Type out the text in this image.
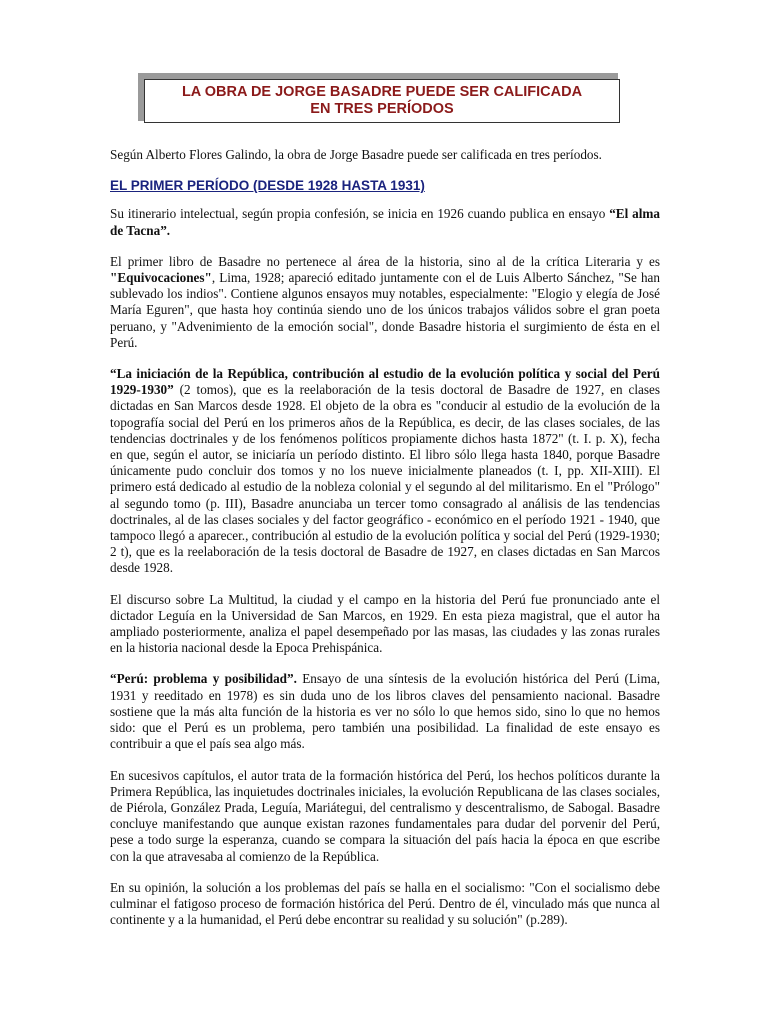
LA OBRA DE JORGE BASADRE PUEDE SER CALIFICADA
EN TRES PERÍODOS

Según Alberto Flores Galindo, la obra de Jorge Basadre puede ser calificada en tres períodos.

EL PRIMER PERÍODO (DESDE 1928 HASTA 1931)

Su itinerario intelectual, según propia confesión, se inicia en 1926 cuando publica en ensayo “El alma de Tacna”.

El primer libro de Basadre no pertenece al área de la historia, sino al de la crítica Literaria y es "Equivocaciones", Lima, 1928; apareció editado juntamente con el de Luis Alberto Sánchez, "Se han sublevado los indios". Contiene algunos ensayos muy notables, especialmente: "Elogio y elegía de José María Eguren", que hasta hoy continúa siendo uno de los únicos trabajos válidos sobre el gran poeta peruano, y "Advenimiento de la emoción social", donde Basadre historia el surgimiento de ésta en el Perú.

“La iniciación de la República, contribución al estudio de la evolución política y social del Perú 1929-1930” (2 tomos), que es la reelaboración de la tesis doctoral de Basadre de 1927, en clases dictadas en San Marcos desde 1928. El objeto de la obra es "conducir al estudio de la evolución de la topografía social del Perú en los primeros años de la República, es decir, de las clases sociales, de las tendencias doctrinales y de los fenómenos políticos propiamente dichos hasta 1872" (t. I. p. X), fecha en que, según el autor, se iniciaría un período distinto. El libro sólo llega hasta 1840, porque Basadre únicamente pudo concluir dos tomos y no los nueve inicialmente planeados (t. I, pp. XII-XIII). El primero está dedicado al estudio de la nobleza colonial y el segundo al del militarismo. En el "Prólogo" al segundo tomo (p. III), Basadre anunciaba un tercer tomo consagrado al análisis de las tendencias doctrinales, al de las clases sociales y del factor geográfico - económico en el período 1921 - 1940, que tampoco llegó a aparecer., contribución al estudio de la evolución política y social del Perú (1929-1930; 2 t), que es la reelaboración de la tesis doctoral de Basadre de 1927, en clases dictadas en San Marcos desde 1928.

El discurso sobre La Multitud, la ciudad y el campo en la historia del Perú fue pronunciado ante el dictador Leguía en la Universidad de San Marcos, en 1929. En esta pieza magistral, que el autor ha ampliado posteriormente, analiza el papel desempeñado por las masas, las ciudades y las zonas rurales en la historia nacional desde la Epoca Prehispánica.

“Perú: problema y posibilidad”. Ensayo de una síntesis de la evolución histórica del Perú (Lima, 1931 y reeditado en 1978) es sin duda uno de los libros claves del pensamiento nacional. Basadre sostiene que la más alta función de la historia es ver no sólo lo que hemos sido, sino lo que no hemos sido: que el Perú es un problema, pero también una posibilidad. La finalidad de este ensayo es contribuir a que el país sea algo más.

En sucesivos capítulos, el autor trata de la formación histórica del Perú, los hechos políticos durante la Primera República, las inquietudes doctrinales iniciales, la evolución Republicana de las clases sociales, de Piérola, González Prada, Leguía, Mariátegui, del centralismo y descentralismo, de Sabogal. Basadre concluye manifestando que aunque existan razones fundamentales para dudar del porvenir del Perú, pese a todo surge la esperanza, cuando se compara la situación del país hacia la época en que escribe con la que atravesaba al comienzo de la República.

En su opinión, la solución a los problemas del país se halla en el socialismo: "Con el socialismo debe culminar el fatigoso proceso de formación histórica del Perú. Dentro de él, vinculado más que nunca al continente y a la humanidad, el Perú debe encontrar su realidad y su solución" (p.289).
